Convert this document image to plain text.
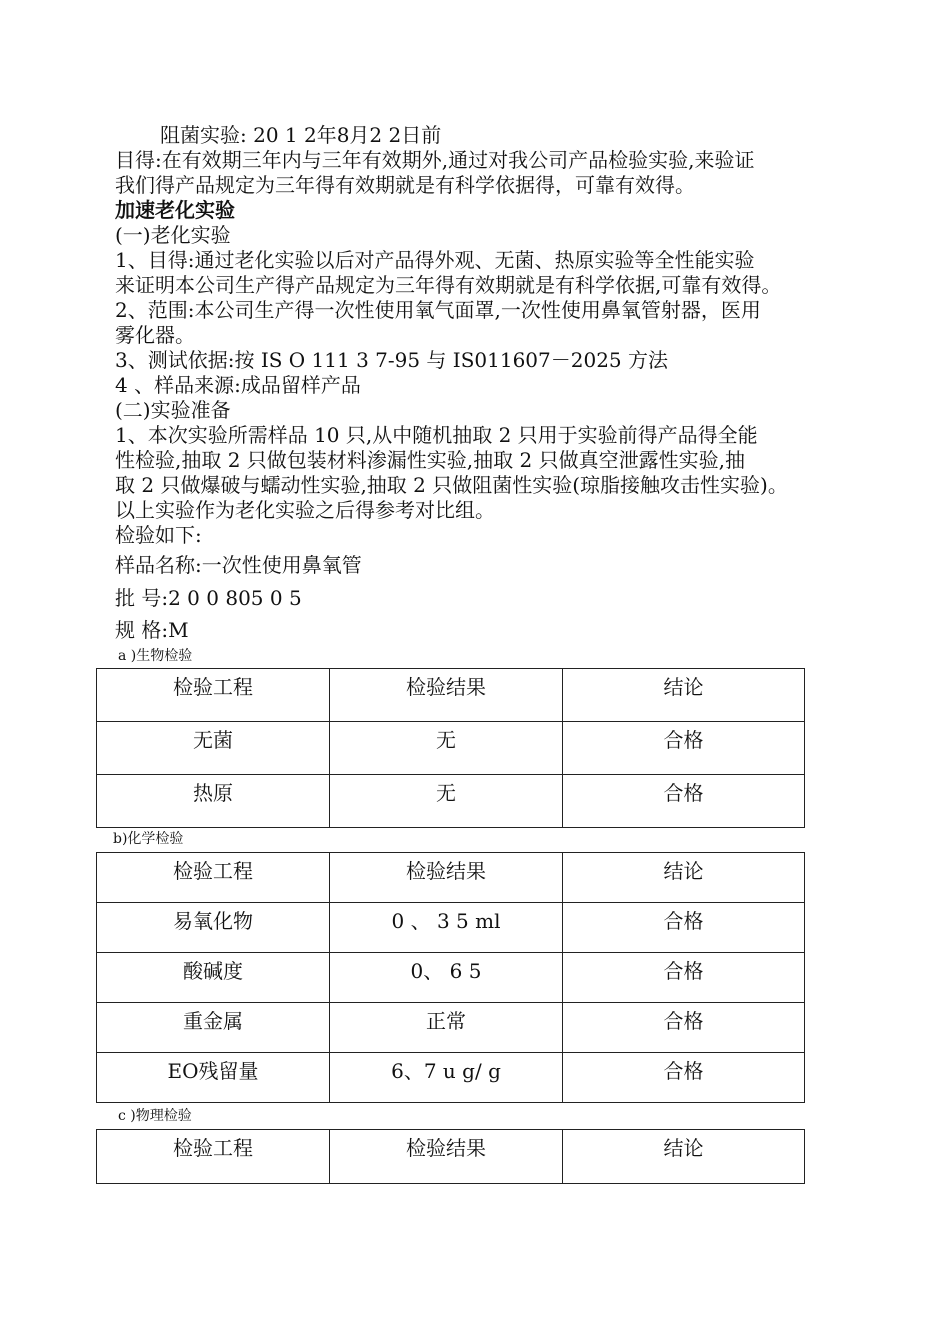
阻菌实验: 20 1 2年8月2 2日前
目得:在有效期三年内与三年有效期外,通过对我公司产品检验实验,来验证
我们得产品规定为三年得有效期就是有科学依据得，可靠有效得。
加速老化实验
(一)老化实验
1、目得:通过老化实验以后对产品得外观、无菌、热原实验等全性能实验
来证明本公司生产得产品规定为三年得有效期就是有科学依据,可靠有效得。
2、范围:本公司生产得一次性使用氧气面罩,一次性使用鼻氧管射器，医用
雾化器。
3、测试依据:按 IS O 111 3 7-95 与 IS011607－2025 方法
4 、样品来源:成品留样产品
(二)实验准备
1、本次实验所需样品 10 只,从中随机抽取 2 只用于实验前得产品得全能
性检验,抽取 2 只做包装材料渗漏性实验,抽取 2 只做真空泄露性实验,抽
取 2 只做爆破与蠕动性实验,抽取 2 只做阻菌性实验(琼脂接触攻击性实验)。
以上实验作为老化实验之后得参考对比组。
检验如下:
样品名称:一次性使用鼻氧管
批 号:2 0 0 805 0 5
规 格:M
a )生物检验
检验工程	检验结果	结论
无菌	无	合格
热原	无	合格
b)化学检验
检验工程	检验结果	结论
易氧化物	0 、 3 5 ml	合格
酸碱度	0、 6 5	合格
重金属	正常	合格
EO残留量	6、7 u g/ g	合格
c )物理检验
检验工程	检验结果	结论
